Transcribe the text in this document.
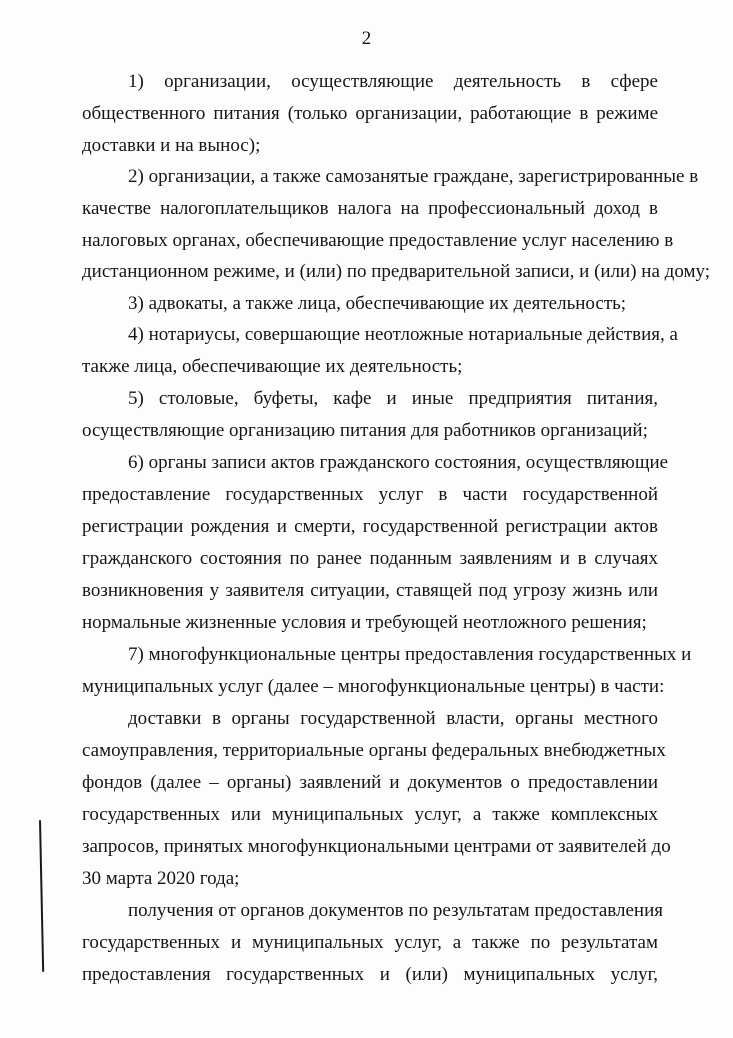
2
1) организации, осуществляющие деятельность в сфере
общественного питания (только организации, работающие в режиме
доставки и на вынос);
2) организации, а также самозанятые граждане, зарегистрированные в
качестве налогоплательщиков налога на профессиональный доход в
налоговых органах, обеспечивающие предоставление услуг населению в
дистанционном режиме, и (или) по предварительной записи, и (или) на дому;
3) адвокаты, а также лица, обеспечивающие их деятельность;
4) нотариусы, совершающие неотложные нотариальные действия, а
также лица, обеспечивающие их деятельность;
5) столовые, буфеты, кафе и иные предприятия питания,
осуществляющие организацию питания для работников организаций;
6) органы записи актов гражданского состояния, осуществляющие
предоставление государственных услуг в части государственной
регистрации рождения и смерти, государственной регистрации актов
гражданского состояния по ранее поданным заявлениям и в случаях
возникновения у заявителя ситуации, ставящей под угрозу жизнь или
нормальные жизненные условия и требующей неотложного решения;
7) многофункциональные центры предоставления государственных и
муниципальных услуг (далее – многофункциональные центры) в части:
доставки в органы государственной власти, органы местного
самоуправления, территориальные органы федеральных внебюджетных
фондов (далее – органы) заявлений и документов о предоставлении
государственных или муниципальных услуг, а также комплексных
запросов, принятых многофункциональными центрами от заявителей до
30 марта 2020 года;
получения от органов документов по результатам предоставления
государственных и муниципальных услуг, а также по результатам
предоставления государственных и (или) муниципальных услуг,
